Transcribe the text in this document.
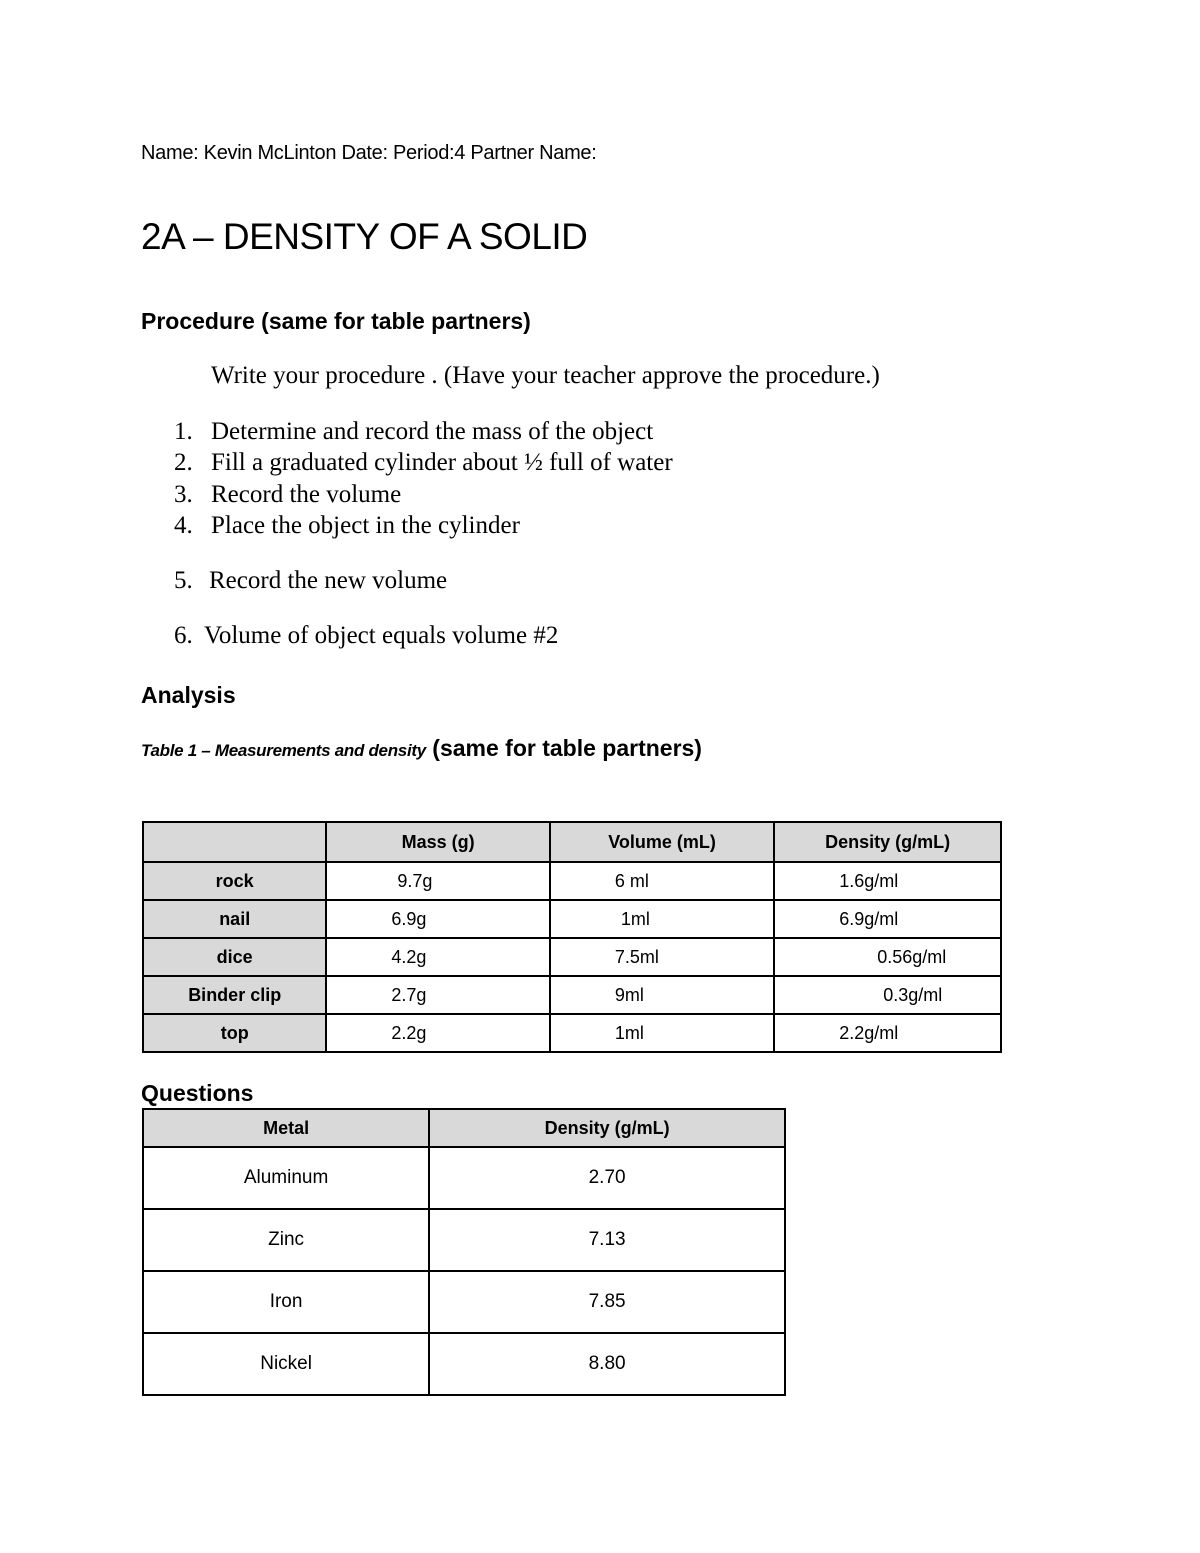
Name: Kevin McLinton Date: Period:4 Partner Name:
2A – DENSITY OF A SOLID
Procedure (same for table partners)
Write your procedure . (Have your teacher approve the procedure.)
1. Determine and record the mass of the object
2. Fill a graduated cylinder about ½ full of water
3. Record the volume
4. Place the object in the cylinder
5. Record the new volume
6. Volume of object equals volume #2
Analysis
Table 1 – Measurements and density (same for table partners)
	Mass (g)	Volume (mL)	Density (g/mL)
rock	9.7g	6 ml	1.6g/ml
nail	6.9g	1ml	6.9g/ml
dice	4.2g	7.5ml	0.56g/ml
Binder clip	2.7g	9ml	0.3g/ml
top	2.2g	1ml	2.2g/ml
Questions
Metal	Density (g/mL)
Aluminum	2.70
Zinc	7.13
Iron	7.85
Nickel	8.80
